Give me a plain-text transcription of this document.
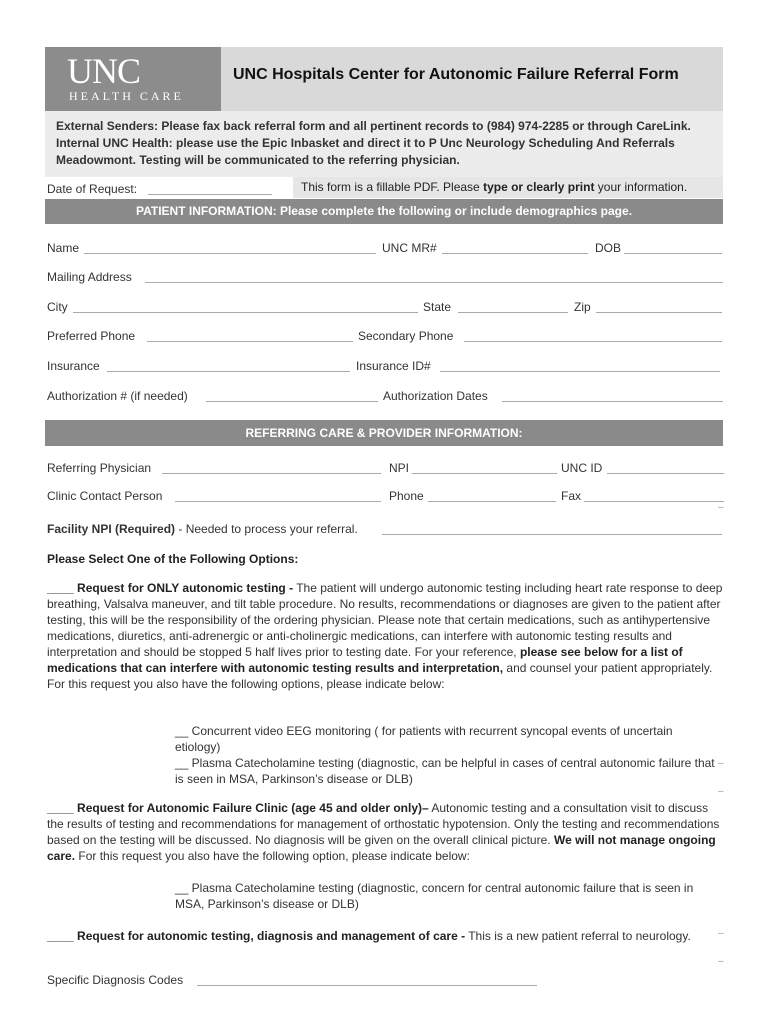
UNC
HEALTH CARE
UNC Hospitals Center for Autonomic Failure Referral Form

External Senders: Please fax back referral form and all pertinent records to (984) 974-2285 or through CareLink. Internal UNC Health: please use the Epic Inbasket and direct it to P Unc Neurology Scheduling And Referrals Meadowmont. Testing will be communicated to the referring physician.

Date of Request:	This form is a fillable PDF. Please type or clearly print your information.
PATIENT INFORMATION: Please complete the following or include demographics page.
Name	UNC MR#	DOB
Mailing Address
City	State	Zip
Preferred Phone	Secondary Phone
Insurance	Insurance ID#
Authorization # (if needed)	Authorization Dates
REFERRING CARE & PROVIDER INFORMATION:
Referring Physician	NPI	UNC ID
Clinic Contact Person	Phone	Fax
–
Facility NPI (Required) - Needed to process your referral.
Please Select One of the Following Options:
____ Request for ONLY autonomic testing - The patient will undergo autonomic testing including heart rate response to deep breathing, Valsalva maneuver, and tilt table procedure. No results, recommendations or diagnoses are given to the patient after testing, this will be the responsibility of the ordering physician. Please note that certain medications, such as antihypertensive medications, diuretics, anti-adrenergic or anti-cholinergic medications, can interfere with autonomic testing results and interpretation and should be stopped 5 half lives prior to testing date. For your reference, please see below for a list of medications that can interfere with autonomic testing results and interpretation, and counsel your patient appropriately. For this request you also have the following options, please indicate below:
__ Concurrent video EEG monitoring ( for patients with recurrent syncopal events of uncertain etiology)
__ Plasma Catecholamine testing (diagnostic, can be helpful in cases of central autonomic failure that is seen in MSA, Parkinson’s disease or DLB)
–
–
____ Request for Autonomic Failure Clinic (age 45 and older only)– Autonomic testing and a consultation visit to discuss the results of testing and recommendations for management of orthostatic hypotension. Only the testing and recommendations based on the testing will be discussed. No diagnosis will be given on the overall clinical picture. We will not manage ongoing care. For this request you also have the following option, please indicate below:
__ Plasma Catecholamine testing (diagnostic, concern for central autonomic failure that is seen in MSA, Parkinson’s disease or DLB)
____ Request for autonomic testing, diagnosis and management of care - This is a new patient referral to neurology.	–
–
Specific Diagnosis Codes
